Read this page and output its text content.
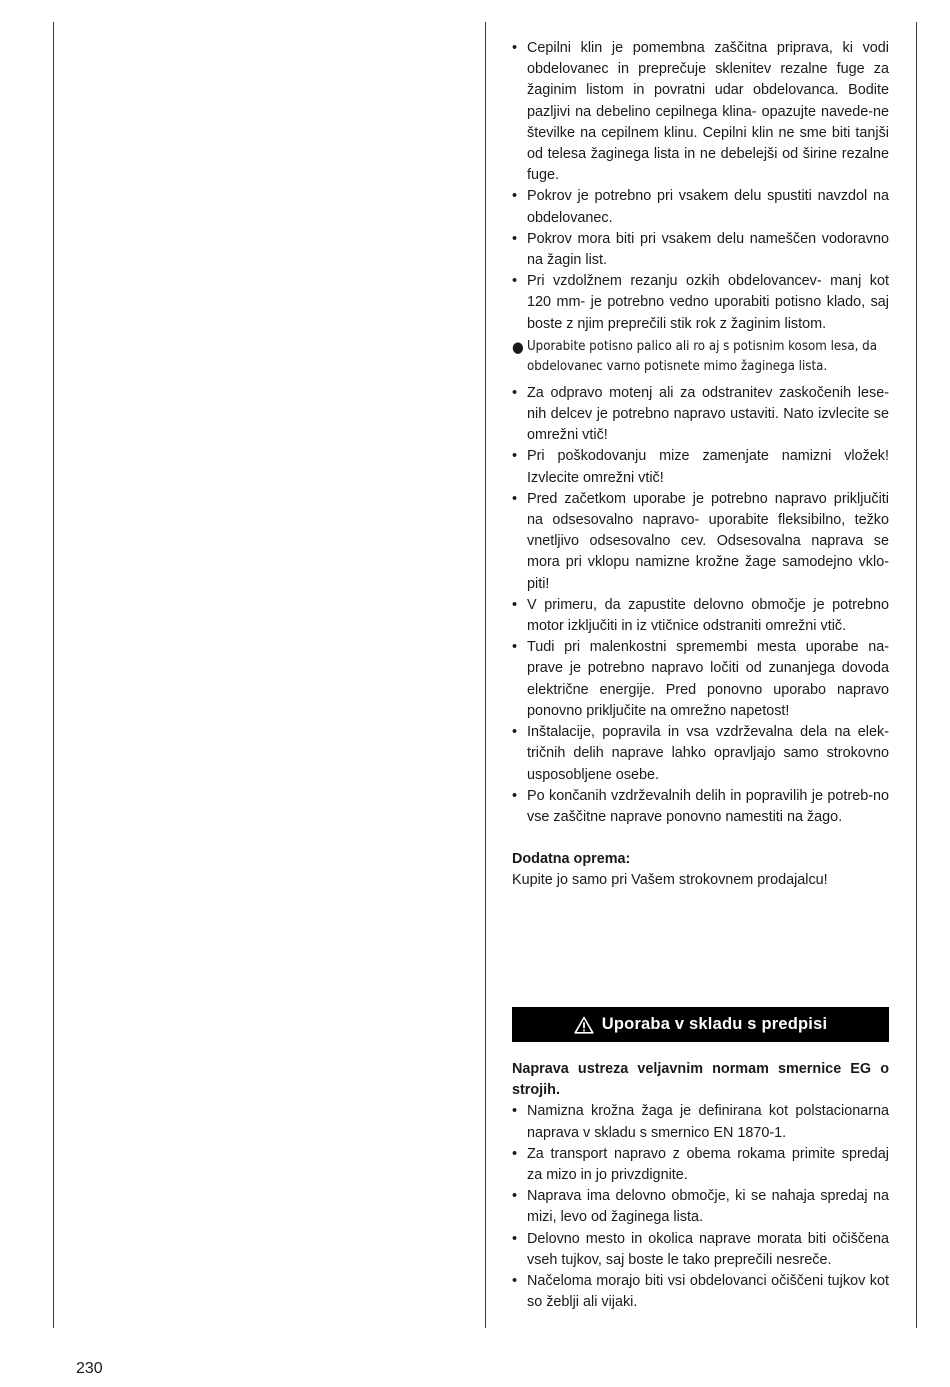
• Cepilni klin je pomembna zaščitna priprava, ki vodi obdelovanec in preprečuje sklenitev rezalne fuge za žaginim listom in povratni udar obdelovanca. Bodite pazljivi na debelino cepilnega klina- opazujte navede-ne številke na cepilnem klinu. Cepilni klin ne sme biti tanjši od telesa žaginega lista in ne debelejši od širine rezalne fuge.
• Pokrov je potrebno pri vsakem delu spustiti navzdol na obdelovanec.
• Pokrov mora biti pri vsakem delu nameščen vodoravno na žagin list.
• Pri vzdolžnem rezanju ozkih obdelovancev- manj kot 120 mm- je potrebno vedno uporabiti potisno klado, saj boste z njim preprečili stik rok z žaginim listom.
● Uporabite potisno palico ali ro aj s potisnim kosom lesa, da obdelovanec varno potisnete mimo žaginega lista.
• Za odpravo motenj ali za odstranitev zaskočenih lese-nih delcev je potrebno napravo ustaviti. Nato izvlecite se omrežni vtič!
• Pri poškodovanju mize zamenjate namizni vložek! Izvlecite omrežni vtič!
• Pred začetkom uporabe je potrebno napravo priključiti na odsesovalno napravo- uporabite fleksibilno, težko vnetljivo odsesovalno cev. Odsesovalna naprava se mora pri vklopu namizne krožne žage samodejno vklo-piti!
• V primeru, da zapustite delovno območje je potrebno motor izključiti in iz vtičnice odstraniti omrežni vtič.
• Tudi pri malenkostni spremembi mesta uporabe na-prave je potrebno napravo ločiti od zunanjega dovoda električne energije. Pred ponovno uporabo napravo ponovno priključite na omrežno napetost!
• Inštalacije, popravila in vsa vzdrževalna dela na elek-tričnih delih naprave lahko opravljajo samo strokovno usposobljene osebe.
• Po končanih vzdrževalnih delih in popravilih je potreb-no vse zaščitne naprave ponovno namestiti na žago.
Dodatna oprema:
Kupite jo samo pri Vašem strokovnem prodajalcu!
Uporaba v skladu s predpisi
Naprava ustreza veljavnim normam smernice EG o strojih.
• Namizna krožna žaga je definirana kot polstacionarna naprava v skladu s smernico EN 1870-1.
• Za transport napravo z obema rokama primite spredaj za mizo in jo privzdignite.
• Naprava ima delovno območje, ki se nahaja spredaj na mizi, levo od žaginega lista.
• Delovno mesto in okolica naprave morata biti očiščena vseh tujkov, saj boste le tako preprečili nesreče.
• Načeloma morajo biti vsi obdelovanci očiščeni tujkov kot so žeblji ali vijaki.
230
